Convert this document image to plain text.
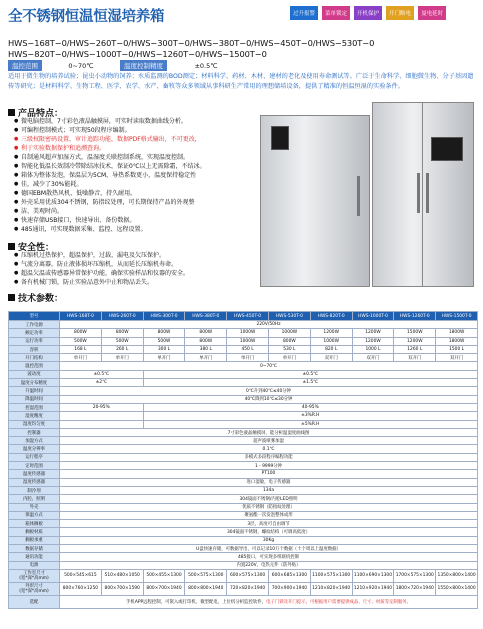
全不锈钢恒温恒湿培养箱	过升报警	菜单锁定	开机保护	开门断电	曼电延时
HWS−168T−0/HWS−260T−0/HWS−300T−0/HWS−380T−0/HWS−450T−0/HWS−530T−0
HWS−820T−0/HWS−1000T−0/HWS−1260T−0/HWS−1500T−0
温控范围	0~70℃	温度控制精度	±0.5℃
适用于微生物的培养试验；昆虫小动物的饲养；水质监测的BOD测定；材料科学、药材、木材、建材的老化及使用寿命测试等。广泛于生命科学、细胞微生物、分子基因遗传等研究；是材料科学、生物工程、医学、农学、水产、畜牧等众多领域从事科研生产常用的理想储培设备，提供了精准的恒温恒湿的实验条件。
产品特点：
● 微电脑控制，7寸彩色液晶触摸屏，可实时读取数据曲线分析。
● 可编程控制模式；可实现50段程序编制。
● 三级权限密码设置，审计追踪功能，数据PDF格式输出，不可更改，
● 利于实验数据保护和追溯查询。
● 自制通风超声加湿方式，温湿度关联控制系统，实现温度控制。
● 智能化低温长效制冷带除结冰技术，保证0℃以上无需除霜，不结冰。
● 箱体为整体发泡，保温层为5CM，导热系数更小，温度保持稳定性
● 佳，减少了30%能耗。
● 德国EBM散热风机，低噪静音，持久耐用。
● 外壳采用优质304不锈钢，防指纹处理，可长期保持产品的外观整
● 洁、美观时尚。
● 快速存储USB接口，快速导出、备份数据。
● 485通讯，可实现数据采集、监控、远程设置。
安全性：
● 压缩机过热保护，超温保护，过载、漏电及欠压保护。
● 气流分离器，防止液体损坏压缩机，从而延长压缩机寿命。
● 超温欠温或传感器异常保护功能，确保实验样品和仪器的安全。
● 备有机械门锁，防止实验品意外中止和物品丢失。
技术参数：
型号	HWS-168T-0	HWS-260T-0	HWS-300T-0	HWS-380T-0	HWS-450T-0	HWS-530T-0	HWS-820T-0	HWS-1000T-0	HWS-1260T-0	HWS-1500T-0
工作电源	220V/50Hz									
额定功率	800W	800W	800W	800W	1000W	1000W	1200W	1200W	1500W	1800W
运行功率	500W	500W	500W	800W	1000W	800W	1000W	1200W	1200W	1800W
容积	168 L	260 L	300 L	380 L	450 L	530 L	820 L	1000 L	1260 L	1500 L
开门结构	单开门	单开门	单开门	单开门	单开门	单开门	双开门	双开门	双开门	双开门
温控范围	0~70℃									
波动度	±0.5℃		±0.5℃							
温度分布精度	±2℃		±1.5℃							
升温时间	0℃升到40℃≤40分钟									
降温时间	40℃降到10℃≤30分钟									
控湿范围	20-95%		40-95%							
湿度精度			±3%R.H							
湿度均匀度			±5%R.H							
控制器	7寸彩色液晶触摸屏，能分析温湿度曲线图									
加湿方式	超声波喷雾加湿									
温度分辨率	0.1℃									
运行程序	多模式多段程序编程功能									
定时范围	1 - 9999分钟									
温度传感器	PT100									
湿度传感器	进口湿敏，电子传感器									
制冷剂	134a									
内腔、照明	304镜面不锈钢/内腔LED照明									
外壳	优质不锈钢（防指纹处理）									
保温方式	聚氨酯一次发泡整体成形									
箱体搁板	3层，高度可自由调节									
搁板材质	304镜面不锈钢，螺纹结构（可调高低度）									
搁板承重	30Kg									
数据存储	U盘快速存储，可数据导出，可以记录10万个数据（十个周以上温度数据）									
通讯功能	485接口，可实现多组联机控制									
电源	内置220V，电热元件（防外贴）									
工作室尺寸
(宽*深*高mm)	500×545×615	510×480×1050	500×455×1300	500×575×1300	600×575×1300	600×685×1300	1100×575×1300	1100×690×1300	1700×575×1300	1350×800×1400
外形尺寸
(宽*深*高mm)	800×760×1250	800×700×1590	800×700×1940	800×800×1940	720×820×1940	700×900×1940	1210×820×1940	1210×920×1940	1800×720×1940	1550×800×1400
选配	手机APP远程控制，可嵌入或打印机、微型配电，上位机分析监控软件，电子门锁及开门提示，可根据用户需要提供成品、尺寸、材质等定制服务。									
